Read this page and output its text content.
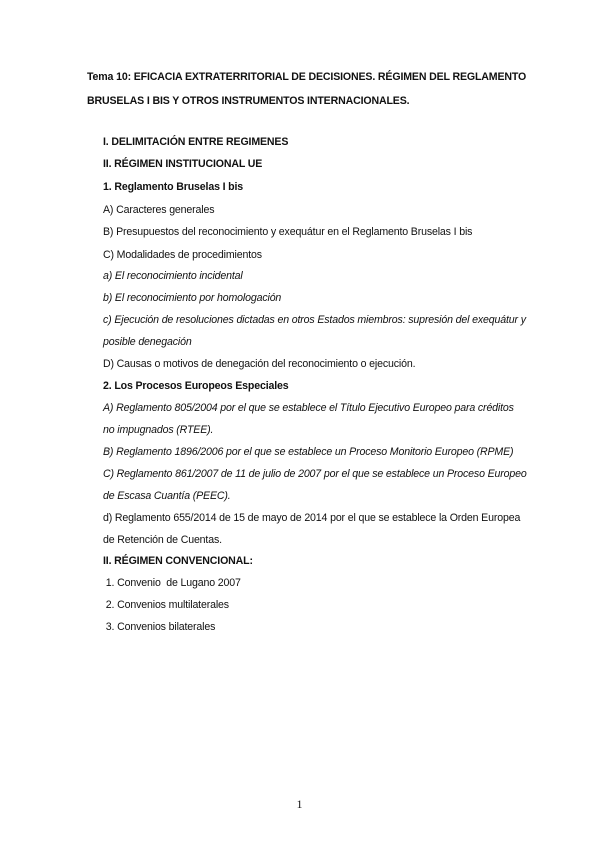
Tema 10: EFICACIA EXTRATERRITORIAL DE DECISIONES. RÉGIMEN DEL REGLAMENTO
BRUSELAS I BIS Y OTROS INSTRUMENTOS INTERNACIONALES.
I. DELIMITACIÓN ENTRE REGIMENES
II. RÉGIMEN INSTITUCIONAL UE
1. Reglamento Bruselas I bis
A) Caracteres generales
B) Presupuestos del reconocimiento y exequátur en el Reglamento Bruselas I bis
C) Modalidades de procedimientos
a) El reconocimiento incidental
b) El reconocimiento por homologación
c) Ejecución de resoluciones dictadas en otros Estados miembros: supresión del exequátur y
posible denegación
D) Causas o motivos de denegación del reconocimiento o ejecución.
2. Los Procesos Europeos Especiales
A) Reglamento 805/2004 por el que se establece el Título Ejecutivo Europeo para créditos
no impugnados (RTEE).
B) Reglamento 1896/2006 por el que se establece un Proceso Monitorio Europeo (RPME)
C) Reglamento 861/2007 de 11 de julio de 2007 por el que se establece un Proceso Europeo
de Escasa Cuantía (PEEC).
d) Reglamento 655/2014 de 15 de mayo de 2014 por el que se establece la Orden Europea
de Retención de Cuentas.
II. RÉGIMEN CONVENCIONAL:
1. Convenio  de Lugano 2007
2. Convenios multilaterales
3. Convenios bilaterales
1
